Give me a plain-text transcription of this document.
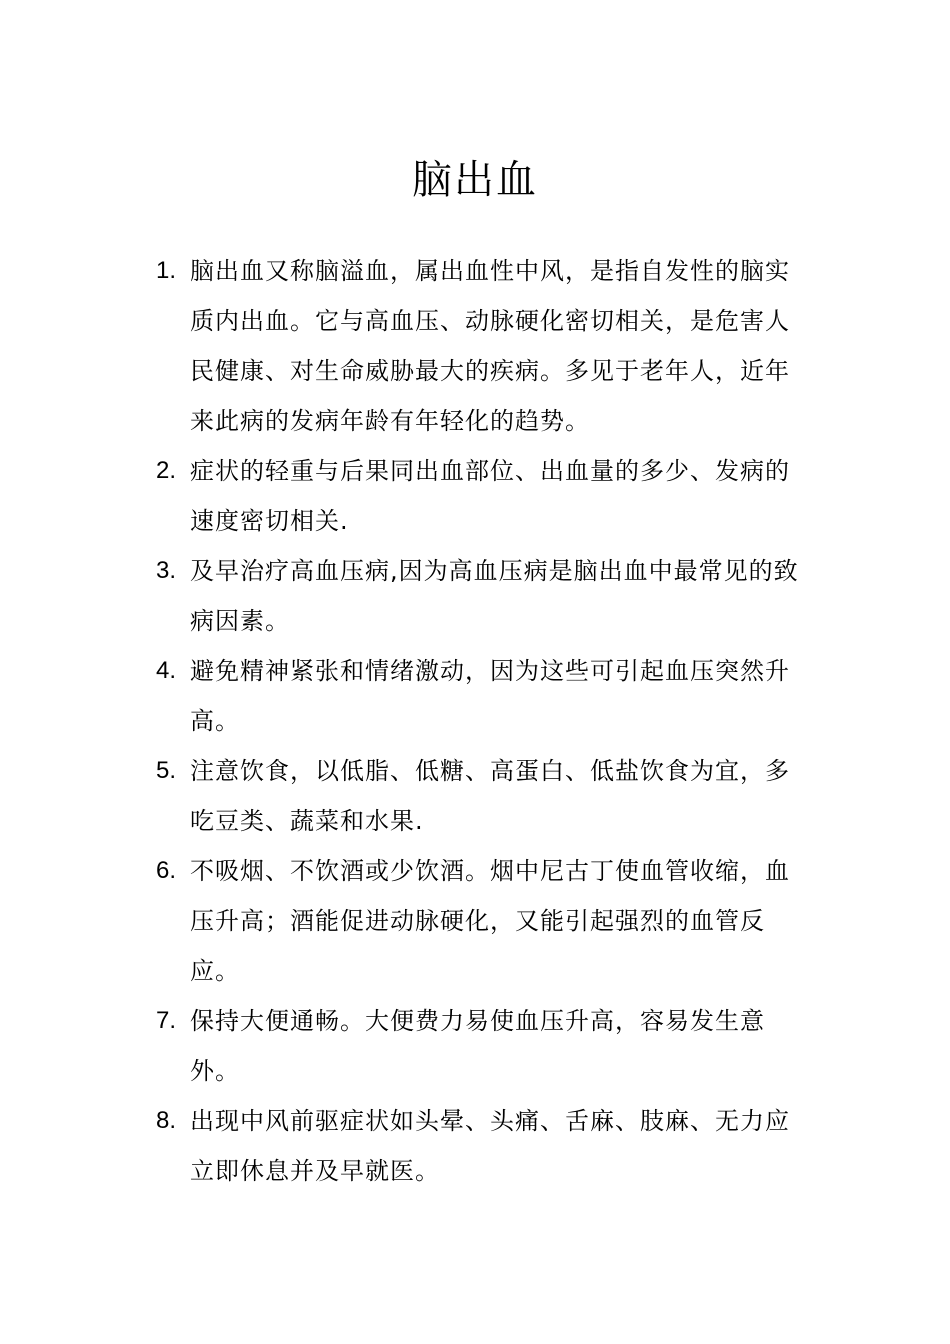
脑出血
1. 脑出血又称脑溢血，属出血性中风，是指自发性的脑实质内出血。它与高血压、动脉硬化密切相关，是危害人民健康、对生命威胁最大的疾病。多见于老年人，近年来此病的发病年龄有年轻化的趋势。
2. 症状的轻重与后果同出血部位、出血量的多少、发病的速度密切相关.
3. 及早治疗高血压病,因为高血压病是脑出血中最常见的致病因素。
4. 避免精神紧张和情绪激动，因为这些可引起血压突然升高。
5. 注意饮食，以低脂、低糖、高蛋白、低盐饮食为宜，多吃豆类、蔬菜和水果.
6. 不吸烟、不饮酒或少饮酒。烟中尼古丁使血管收缩，血压升高；酒能促进动脉硬化，又能引起强烈的血管反应。
7. 保持大便通畅。大便费力易使血压升高，容易发生意外。
8. 出现中风前驱症状如头晕、头痛、舌麻、肢麻、无力应立即休息并及早就医。
